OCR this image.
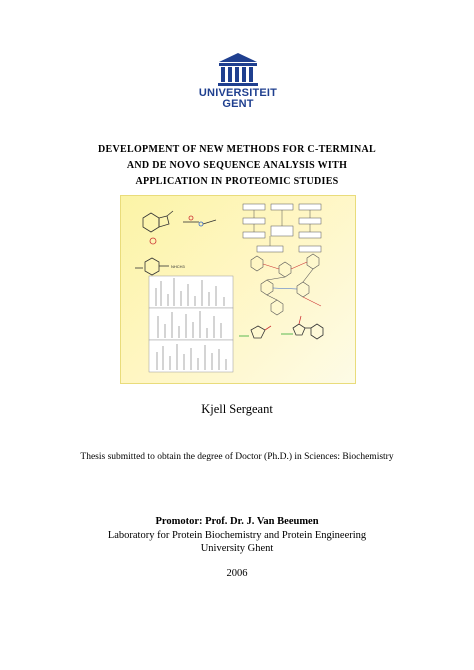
UNIVERSITEIT
GENT
DEVELOPMENT OF NEW METHODS FOR C-TERMINAL
AND DE NOVO SEQUENCE ANALYSIS WITH
APPLICATION IN PROTEOMIC STUDIES
NHCH3
Kjell Sergeant
Thesis submitted to obtain the degree of Doctor (Ph.D.) in Sciences: Biochemistry
Promotor: Prof. Dr. J. Van Beeumen
Laboratory for Protein Biochemistry and Protein Engineering
University Ghent
2006
